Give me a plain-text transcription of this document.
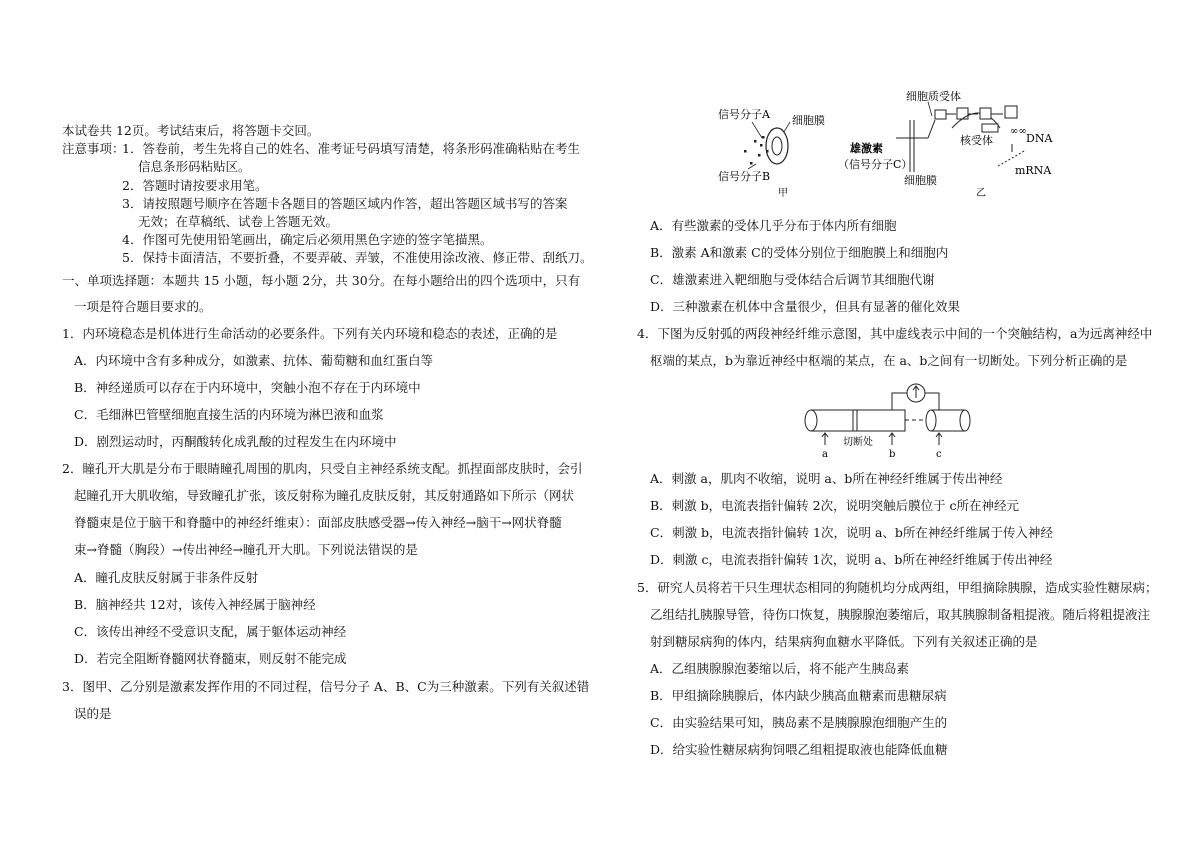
本试卷共 12页。考试结束后，将答题卡交回。
注意事项：
1．答卷前，考生先将自己的姓名、准考证号码填写清楚，将条形码准确粘贴在考生
信息条形码粘贴区。
2．答题时请按要求用笔。
3．请按照题号顺序在答题卡各题目的答题区域内作答，超出答题区域书写的答案
无效；在草稿纸、试卷上答题无效。
4．作图可先使用铅笔画出，确定后必须用黑色字迹的签字笔描黑。
5．保持卡面清洁，不要折叠，不要弄破、弄皱，不准使用涂改液、修正带、刮纸刀。
一、单项选择题：本题共 15 小题，每小题 2分，共 30分。在每小题给出的四个选项中，只有
一项是符合题目要求的。
1．内环境稳态是机体进行生命活动的必要条件。下列有关内环境和稳态的表述，正确的是
A．内环境中含有多种成分，如激素、抗体、葡萄糖和血红蛋白等
B．神经递质可以存在于内环境中，突触小泡不存在于内环境中
C．毛细淋巴管壁细胞直接生活的内环境为淋巴液和血浆
D．剧烈运动时，丙酮酸转化成乳酸的过程发生在内环境中
2．瞳孔开大肌是分布于眼睛瞳孔周围的肌肉，只受自主神经系统支配。抓捏面部皮肤时，会引
起瞳孔开大肌收缩，导致瞳孔扩张，该反射称为瞳孔皮肤反射，其反射通路如下所示（网状
脊髓束是位于脑干和脊髓中的神经纤维束）：面部皮肤感受器→传入神经→脑干→网状脊髓
束→脊髓（胸段）→传出神经→瞳孔开大肌。下列说法错误的是
A．瞳孔皮肤反射属于非条件反射
B．脑神经共 12对，该传入神经属于脑神经
C．该传出神经不受意识支配，属于躯体运动神经
D．若完全阻断脊髓网状脊髓束，则反射不能完成
3．图甲、乙分别是激素发挥作用的不同过程，信号分子 A、B、C为三种激素。下列有关叙述错
误的是
信号分子A 细胞膜
信号分子B
甲
细胞质受体
雄激素
（信号分子C）
∞∞
DNA
核受体
mRNA
细胞膜
乙
A．有些激素的受体几乎分布于体内所有细胞
B．激素 A和激素 C的受体分别位于细胞膜上和细胞内
C．雄激素进入靶细胞与受体结合后调节其细胞代谢
D．三种激素在机体中含量很少，但具有显著的催化效果
4．下图为反射弧的两段神经纤维示意图，其中虚线表示中间的一个突触结构，a为远离神经中
枢端的某点，b为靠近神经中枢端的某点，在 a、b之间有一切断处。下列分析正确的是
切断处
a	b	c
A．刺激 a，肌肉不收缩，说明 a、b所在神经纤维属于传出神经
B．刺激 b，电流表指针偏转 2次，说明突触后膜位于 c所在神经元
C．刺激 b，电流表指针偏转 1次，说明 a、b所在神经纤维属于传入神经
D．刺激 c，电流表指针偏转 1次，说明 a、b所在神经纤维属于传出神经
5．研究人员将若干只生理状态相同的狗随机均分成两组，甲组摘除胰腺，造成实验性糖尿病；
乙组结扎胰腺导管，待伤口恢复，胰腺腺泡萎缩后，取其胰腺制备粗提液。随后将粗提液注
射到糖尿病狗的体内，结果病狗血糖水平降低。下列有关叙述正确的是
A．乙组胰腺腺泡萎缩以后，将不能产生胰岛素
B．甲组摘除胰腺后，体内缺少胰高血糖素而患糖尿病
C．由实验结果可知，胰岛素不是胰腺腺泡细胞产生的
D．给实验性糖尿病狗饲喂乙组粗提取液也能降低血糖
